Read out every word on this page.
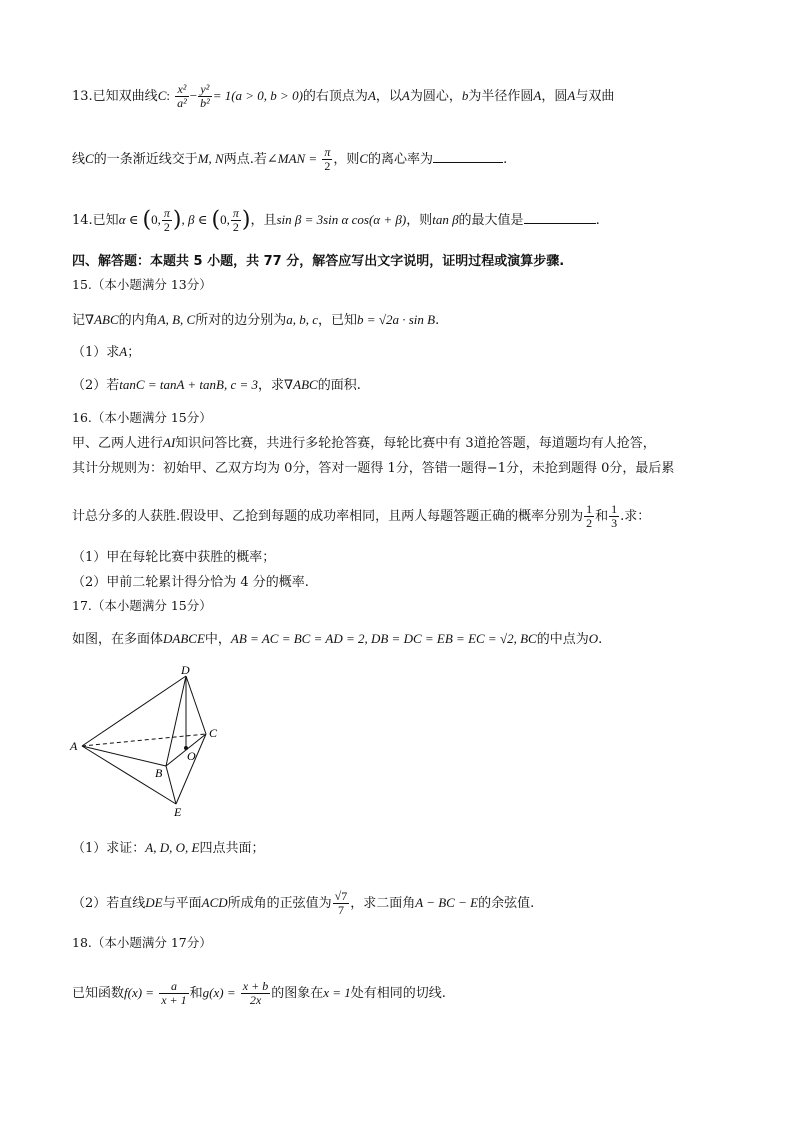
13.已知双曲线C: $\frac{\text{x²}}{\text{a²}} - \frac{\text{y²}}{\text{b²}} = 1(a > 0$, b > 0)的右顶点为A，以A为圆心，b为半径作圆A，圆A与双曲
线C的一条渐近线交于M, N两点.若∠MAN = $\frac{\pi}{2}$ ，则C的离心率为	.
14.已知α ∈ (0, $\frac{\pi}{2}$ ), β ∈ (0, $\frac{\pi}{2}$ )，且sin β = 3sin α cos(α + β)，则tan β的最大值是	.
四、解答题：本题共 5 小题，共 77 分，解答应写出文字说明，证明过程或演算步骤.
15.（本小题满分 13分）
记∇ABC的内角A, B, C所对的边分别为a, b, c，已知b = √2a · sin B.
（1）求A；
（2）若tanC = tanA + tanB, c = 3，求∇ABC的面积.
16.（本小题满分 15分）
甲、乙两人进行AI知识问答比赛，共进行多轮抢答赛，每轮比赛中有 3道抢答题，每道题均有人抢答，
其计分规则为：初始甲、乙双方均为 0分，答对一题得 1分，答错一题得−1分，未抢到题得 0分，最后累
计总分多的人获胜.假设甲、乙抢到每题的成功率相同，且两人每题答题正确的概率分别为 $\frac{1}{2}$ 和 $\frac{1}{3}$ .求：
（1）甲在每轮比赛中获胜的概率；
（2）甲前二轮累计得分恰为 4 分的概率.
17.（本小题满分 15分）
如图，在多面体DABCE中，AB = AC = BC = AD = 2, DB = DC = EB = EC = √2, BC的中点为O.
D
A
C
O
B
E
（1）求证：A, D, O, E四点共面；
（2）若直线DE与平面ACD所成角的正弦值为 $\frac{√7}{7}$ ，求二面角A − BC − E的余弦值.
18.（本小题满分 17分）
已知函数$f(x) = \frac{a}{x + 1}$ 和$g(x) = \frac{x + b}{2x}$ 的图象在x = 1处有相同的切线.
